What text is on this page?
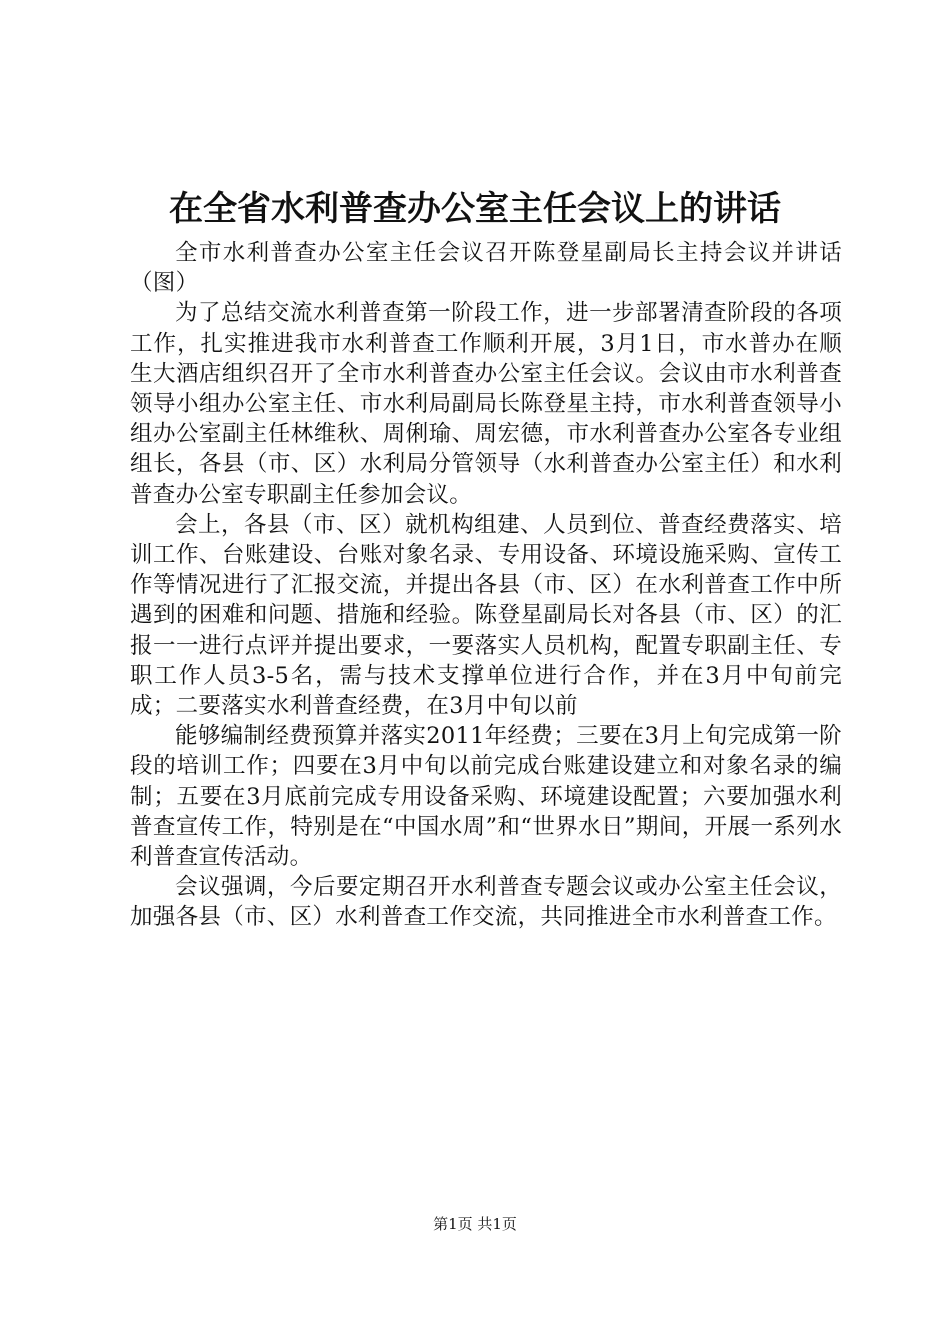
在全省水利普查办公室主任会议上的讲话

全市水利普查办公室主任会议召开陈登星副局长主持会议并讲话（图）

为了总结交流水利普查第一阶段工作，进一步部署清查阶段的各项工作，扎实推进我市水利普查工作顺利开展，3月1日，市水普办在顺生大酒店组织召开了全市水利普查办公室主任会议。会议由市水利普查领导小组办公室主任、市水利局副局长陈登星主持，市水利普查领导小组办公室副主任林维秋、周俐瑜、周宏德，市水利普查办公室各专业组组长，各县（市、区）水利局分管领导（水利普查办公室主任）和水利普查办公室专职副主任参加会议。

会上，各县（市、区）就机构组建、人员到位、普查经费落实、培训工作、台账建设、台账对象名录、专用设备、环境设施采购、宣传工作等情况进行了汇报交流，并提出各县（市、区）在水利普查工作中所遇到的困难和问题、措施和经验。陈登星副局长对各县（市、区）的汇报一一进行点评并提出要求，一要落实人员机构，配置专职副主任、专职工作人员3-5名，需与技术支撑单位进行合作，并在3月中旬前完成；二要落实水利普查经费，在3月中旬以前

能够编制经费预算并落实2011年经费；三要在3月上旬完成第一阶段的培训工作；四要在3月中旬以前完成台账建设建立和对象名录的编制；五要在3月底前完成专用设备采购、环境建设配置；六要加强水利普查宣传工作，特别是在“中国水周”和“世界水日”期间，开展一系列水利普查宣传活动。

会议强调，今后要定期召开水利普查专题会议或办公室主任会议，加强各县（市、区）水利普查工作交流，共同推进全市水利普查工作。

第1页 共1页
